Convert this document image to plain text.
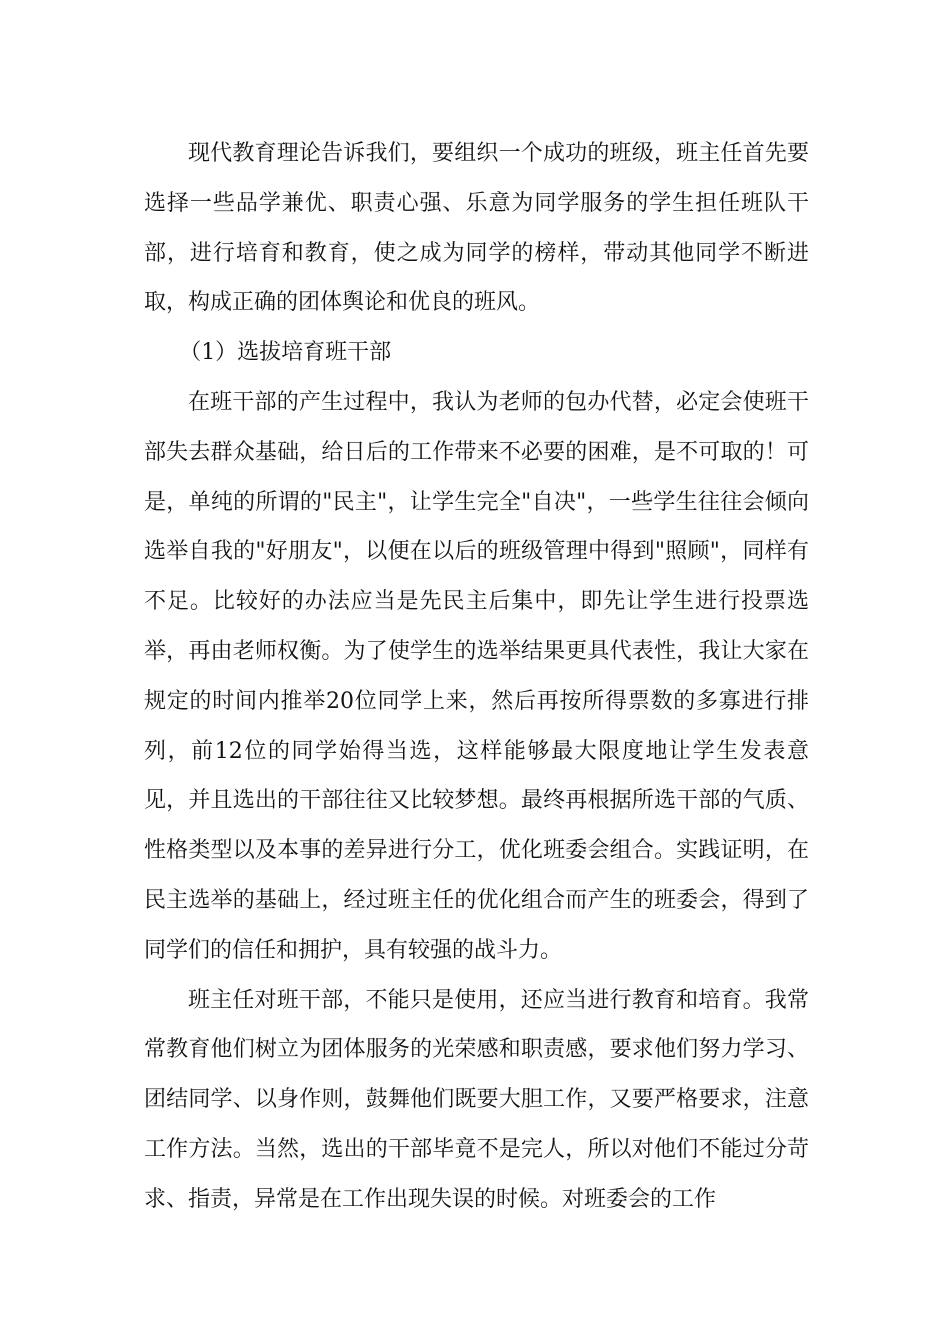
现代教育理论告诉我们，要组织一个成功的班级，班主任首先要选择一些品学兼优、职责心强、乐意为同学服务的学生担任班队干部，进行培育和教育，使之成为同学的榜样，带动其他同学不断进取，构成正确的团体舆论和优良的班风。

（1）选拔培育班干部

在班干部的产生过程中，我认为老师的包办代替，必定会使班干部失去群众基础，给日后的工作带来不必要的困难，是不可取的！可是，单纯的所谓的"民主"，让学生完全"自决"，一些学生往往会倾向选举自我的"好朋友"，以便在以后的班级管理中得到"照顾"，同样有不足。比较好的办法应当是先民主后集中，即先让学生进行投票选举，再由老师权衡。为了使学生的选举结果更具代表性，我让大家在规定的时间内推举20位同学上来，然后再按所得票数的多寡进行排列，前12位的同学始得当选，这样能够最大限度地让学生发表意见，并且选出的干部往往又比较梦想。最终再根据所选干部的气质、性格类型以及本事的差异进行分工，优化班委会组合。实践证明，在民主选举的基础上，经过班主任的优化组合而产生的班委会，得到了同学们的信任和拥护，具有较强的战斗力。

班主任对班干部，不能只是使用，还应当进行教育和培育。我常常教育他们树立为团体服务的光荣感和职责感，要求他们努力学习、团结同学、以身作则，鼓舞他们既要大胆工作，又要严格要求，注意工作方法。当然，选出的干部毕竟不是完人，所以对他们不能过分苛求、指责，异常是在工作出现失误的时候。对班委会的工作
